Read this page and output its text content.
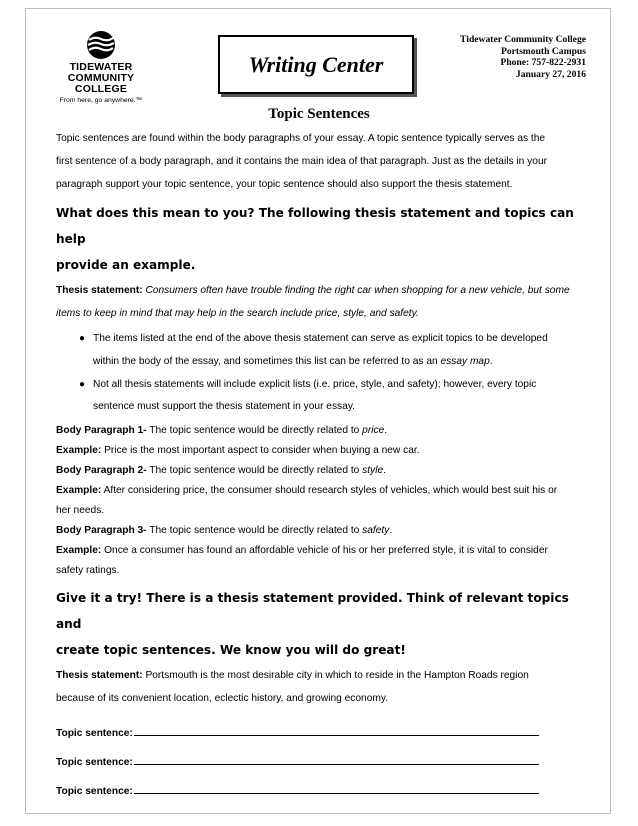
TIDEWATER
COMMUNITY COLLEGE
From here, go anywhere.™
Writing Center
Tidewater Community College
Portsmouth Campus
Phone: 757-822-2931
January 27, 2016
Topic Sentences

Topic sentences are found within the body paragraphs of your essay. A topic sentence typically serves as the

first sentence of a body paragraph, and it contains the main idea of that paragraph. Just as the details in your

paragraph support your topic sentence, your topic sentence should also support the thesis statement.

What does this mean to you? The following thesis statement and topics can help
provide an example.

Thesis statement: Consumers often have trouble finding the right car when shopping for a new vehicle, but some

items to keep in mind that may help in the search include price, style, and safety.

● The items listed at the end of the above thesis statement can serve as explicit topics to be developed
within the body of the essay, and sometimes this list can be referred to as an essay map.
● Not all thesis statements will include explicit lists (i.e. price, style, and safety); however, every topic
sentence must support the thesis statement in your essay.

Body Paragraph 1- The topic sentence would be directly related to price.

Example: Price is the most important aspect to consider when buying a new car.

Body Paragraph 2- The topic sentence would be directly related to style.

Example: After considering price, the consumer should research styles of vehicles, which would best suit his or
her needs.

Body Paragraph 3- The topic sentence would be directly related to safety.

Example: Once a consumer has found an affordable vehicle of his or her preferred style, it is vital to consider
safety ratings.

Give it a try! There is a thesis statement provided. Think of relevant topics and
create topic sentences. We know you will do great!

Thesis statement: Portsmouth is the most desirable city in which to reside in the Hampton Roads region

because of its convenient location, eclectic history, and growing economy.

Topic sentence:

Topic sentence:

Topic sentence:
